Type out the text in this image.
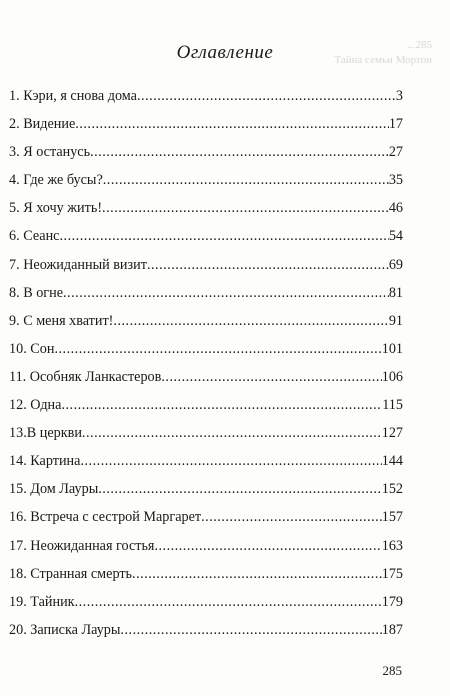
...285
Тайна семьи Мортон
Оглавление
1. Кэри, я снова дома .....	3
2. Видение .....	17
3. Я останусь .....	27
4. Где же бусы? .....	35
5. Я хочу жить! .....	46
6. Сеанс .....	54
7. Неожиданный визит .....	69
8. В огне .....	81
9. С меня хватит! .....	91
10. Сон .....	101
11. Особняк Ланкастеров .....	106
12. Одна .....	115
13.В церкви .....	127
14. Картина .....	144
15. Дом Лауры .....	152
16. Встреча с сестрой Маргарет .....	157
17. Неожиданная гостья .....	163
18. Странная смерть .....	175
19. Тайник .....	179
20. Записка Лауры .....	187
285
